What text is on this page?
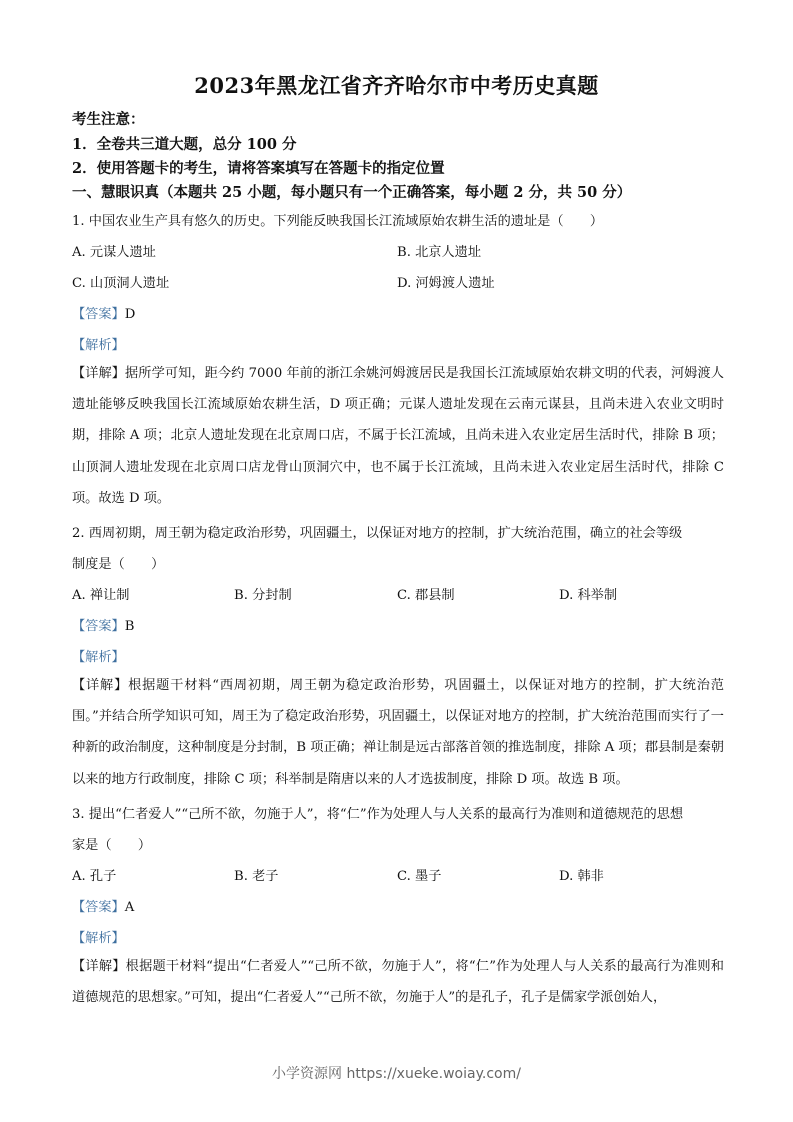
2023年黑龙江省齐齐哈尔市中考历史真题
考生注意：
1．全卷共三道大题，总分 100 分
2．使用答题卡的考生，请将答案填写在答题卡的指定位置
一、慧眼识真（本题共 25 小题，每小题只有一个正确答案，每小题 2 分，共 50 分）
1. 中国农业生产具有悠久的历史。下列能反映我国长江流域原始农耕生活的遗址是（　　）
A. 元谋人遗址	B. 北京人遗址
C. 山顶洞人遗址	D. 河姆渡人遗址
【答案】D
【解析】
【详解】据所学可知，距今约 7000 年前的浙江余姚河姆渡居民是我国长江流域原始农耕文明的代表，河姆渡人遗址能够反映我国长江流域原始农耕生活，D 项正确；元谋人遗址发现在云南元谋县，且尚未进入农业文明时期，排除 A 项；北京人遗址发现在北京周口店，不属于长江流域，且尚未进入农业定居生活时代，排除 B 项；山顶洞人遗址发现在北京周口店龙骨山顶洞穴中，也不属于长江流域，且尚未进入农业定居生活时代，排除 C 项。故选 D 项。
2. 西周初期，周王朝为稳定政治形势，巩固疆土，以保证对地方的控制，扩大统治范围，确立的社会等级
制度是（　　）
A. 禅让制	B. 分封制	C. 郡县制	D. 科举制
【答案】B
【解析】
【详解】根据题干材料“西周初期，周王朝为稳定政治形势，巩固疆土，以保证对地方的控制，扩大统治范围。”并结合所学知识可知，周王为了稳定政治形势，巩固疆土，以保证对地方的控制，扩大统治范围而实行了一种新的政治制度，这种制度是分封制，B 项正确；禅让制是远古部落首领的推选制度，排除 A 项；郡县制是秦朝以来的地方行政制度，排除 C 项；科举制是隋唐以来的人才选拔制度，排除 D 项。故选 B 项。
3. 提出“仁者爱人”“己所不欲，勿施于人”，将“仁”作为处理人与人关系的最高行为准则和道德规范的思想
家是（　　）
A. 孔子	B. 老子	C. 墨子	D. 韩非
【答案】A
【解析】
【详解】根据题干材料“提出“仁者爱人”“己所不欲，勿施于人”，将“仁”作为处理人与人关系的最高行为准则和道德规范的思想家。”可知，提出“仁者爱人”“己所不欲，勿施于人”的是孔子，孔子是儒家学派创始人，
小学资源网 https://xueke.woiay.com/
